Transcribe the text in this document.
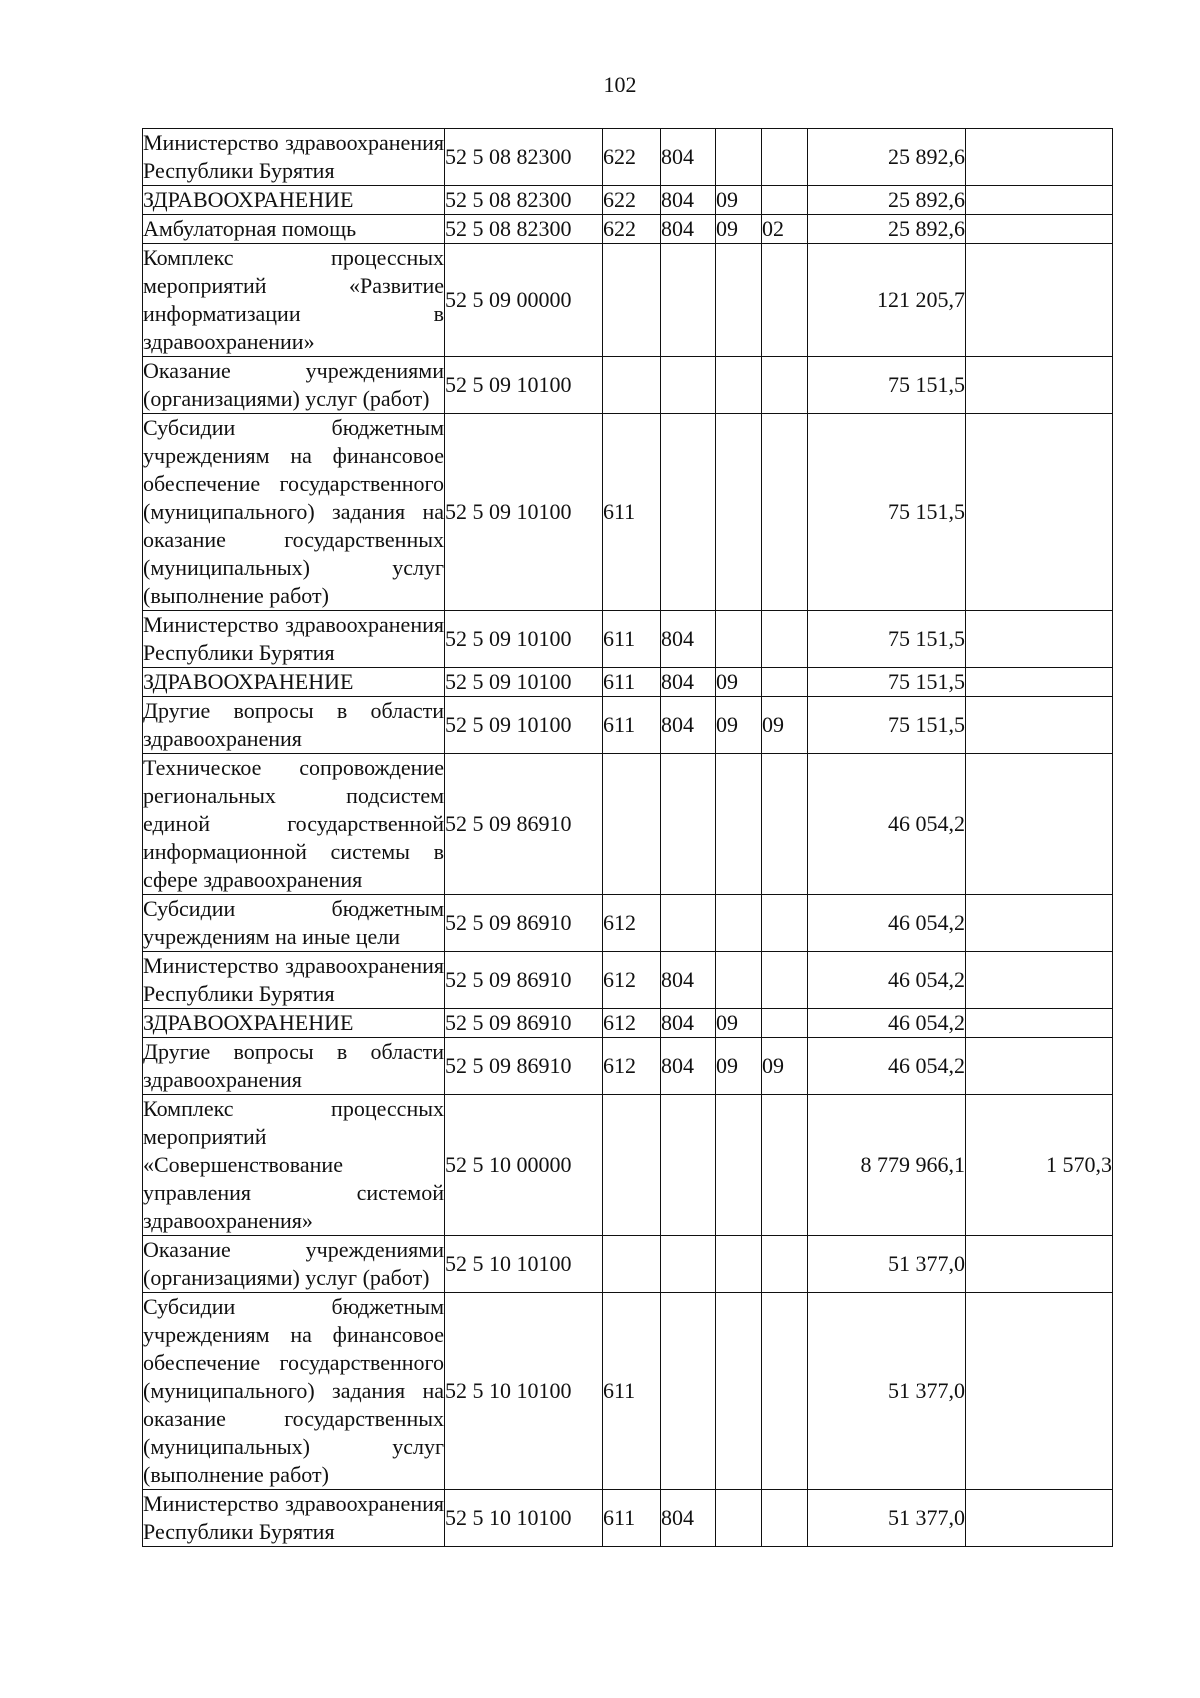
102
Министерство здравоохранения Республики Бурятия	52 5 08 82300	622	804			25 892,6	
ЗДРАВООХРАНЕНИЕ	52 5 08 82300	622	804	09		25 892,6	
Амбулаторная помощь	52 5 08 82300	622	804	09	02	25 892,6	
Комплекс процессных мероприятий «Развитие информатизации в здравоохранении»	52 5 09 00000					121 205,7	
Оказание учреждениями (организациями) услуг (работ)	52 5 09 10100					75 151,5	
Субсидии бюджетным учреждениям на финансовое обеспечение государственного (муниципального) задания на оказание государственных (муниципальных) услуг (выполнение работ)	52 5 09 10100	611				75 151,5	
Министерство здравоохранения Республики Бурятия	52 5 09 10100	611	804			75 151,5	
ЗДРАВООХРАНЕНИЕ	52 5 09 10100	611	804	09		75 151,5	
Другие вопросы в области здравоохранения	52 5 09 10100	611	804	09	09	75 151,5	
Техническое сопровождение региональных подсистем единой государственной информационной системы в сфере здравоохранения	52 5 09 86910					46 054,2	
Субсидии бюджетным учреждениям на иные цели	52 5 09 86910	612				46 054,2	
Министерство здравоохранения Республики Бурятия	52 5 09 86910	612	804			46 054,2	
ЗДРАВООХРАНЕНИЕ	52 5 09 86910	612	804	09		46 054,2	
Другие вопросы в области здравоохранения	52 5 09 86910	612	804	09	09	46 054,2	
Комплекс процессных мероприятий «Совершенствование управления системой здравоохранения»	52 5 10 00000					8 779 966,1	1 570,3
Оказание учреждениями (организациями) услуг (работ)	52 5 10 10100					51 377,0	
Субсидии бюджетным учреждениям на финансовое обеспечение государственного (муниципального) задания на оказание государственных (муниципальных) услуг (выполнение работ)	52 5 10 10100	611				51 377,0	
Министерство здравоохранения Республики Бурятия	52 5 10 10100	611	804			51 377,0	
